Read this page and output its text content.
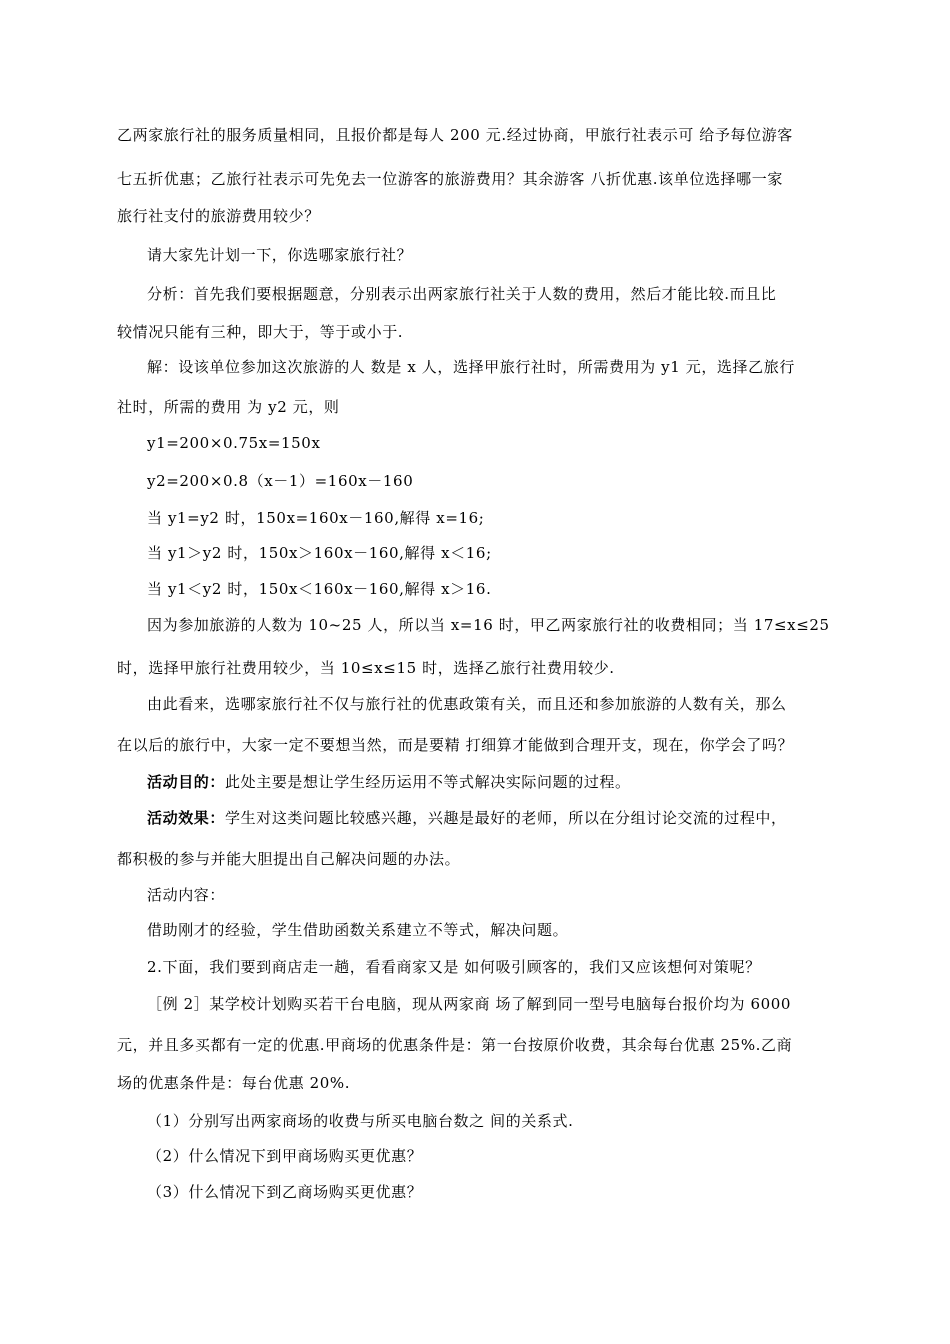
乙两家旅行社的服务质量相同，且报价都是每人 200 元.经过协商，甲旅行社表示可 给予每位游客
七五折优惠；乙旅行社表示可先免去一位游客的旅游费用？其余游客 八折优惠.该单位选择哪一家
旅行社支付的旅游费用较少？
请大家先计划一下，你选哪家旅行社？
分析：首先我们要根据题意，分别表示出两家旅行社关于人数的费用，然后才能比较.而且比
较情况只能有三种，即大于，等于或小于.
解：设该单位参加这次旅游的人 数是 x 人，选择甲旅行社时，所需费用为 y1 元，选择乙旅行
社时，所需的费用 为 y2 元，则
y1=200×0.75x=150x
y2=200×0.8（x－1）=160x－160
当 y1=y2 时，150x=160x－160,解得 x=16;
当 y1＞y2 时，150x＞160x－160,解得 x＜16;
当 y1＜y2 时，150x＜160x－160,解得 x＞16.
因为参加旅游的人数为 10~25 人，所以当 x=16 时，甲乙两家旅行社的收费相同；当 17≤x≤25
时，选择甲旅行社费用较少，当 10≤x≤15 时，选择乙旅行社费用较少.
由此看来，选哪家旅行社不仅与旅行社的优惠政策有关，而且还和参加旅游的人数有关，那么
在以后的旅行中，大家一定不要想当然，而是要精 打细算才能做到合理开支，现在，你学会了吗？
活动目的：此处主要是想让学生经历运用不等式解决实际问题的过程。
活动效果：学生对这类问题比较感兴趣，兴趣是最好的老师，所以在分组讨论交流的过程中，
都积极的参与并能大胆提出自己解决问题的办法。
活动内容：
借助刚才的经验，学生借助函数关系建立不等式，解决问题。
2.下面，我们要到商店走一趟，看看商家又是 如何吸引顾客的，我们又应该想何对策呢？
［例 2］某学校计划购买若干台电脑，现从两家商 场了解到同一型号电脑每台报价均为 6000
元，并且多买都有一定的优惠.甲商场的优惠条件是：第一台按原价收费，其余每台优惠 25%.乙商
场的优惠条件是：每台优惠 20%.
（1）分别写出两家商场的收费与所买电脑台数之 间的关系式.
（2）什么情况下到甲商场购买更优惠？
（3）什么情况下到乙商场购买更优惠？
